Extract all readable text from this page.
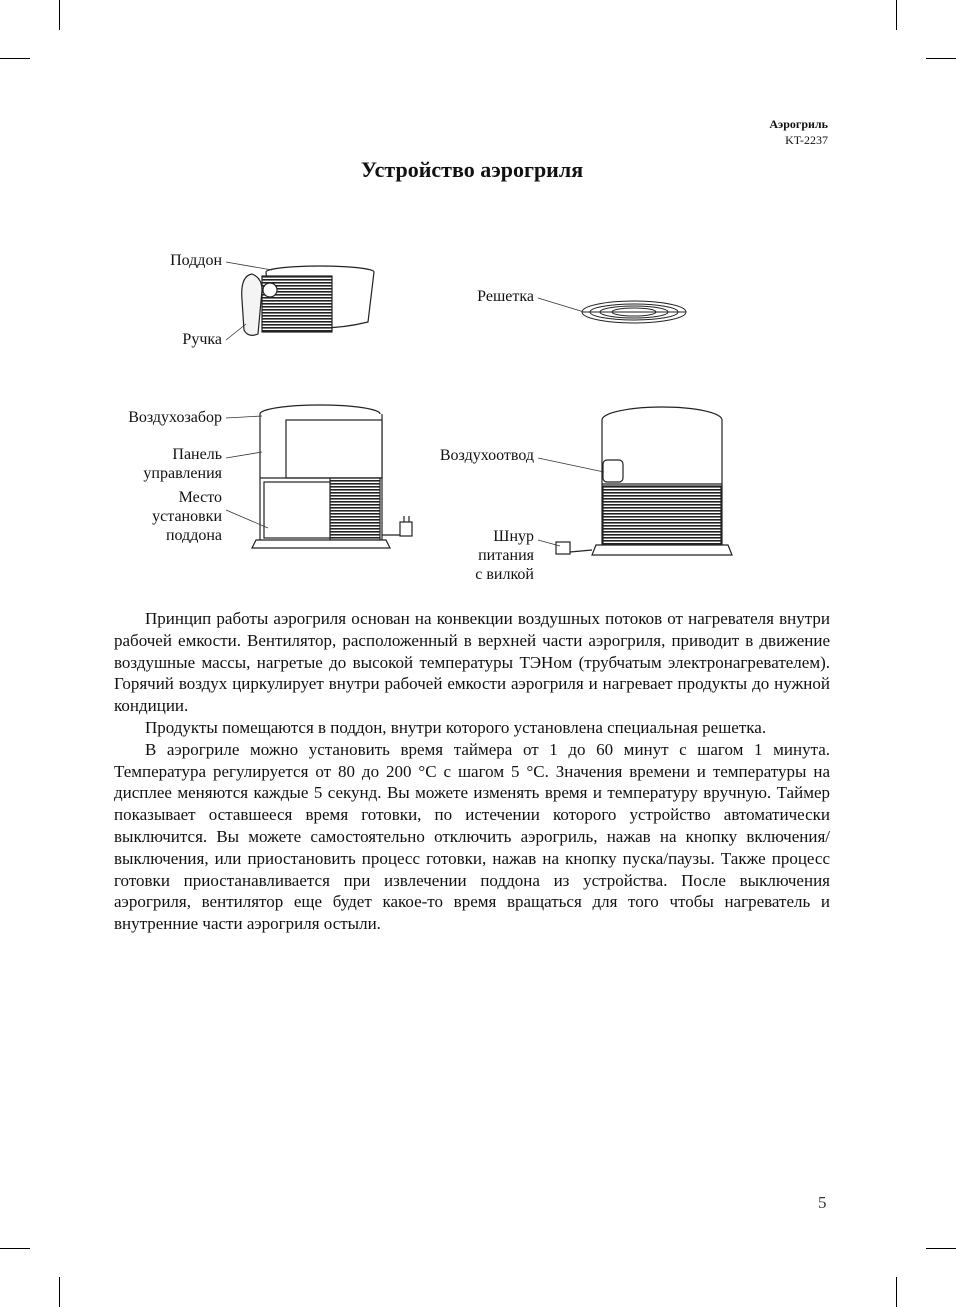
Аэрогриль
KT-2237
Устройство аэрогриля
Поддон
Ручка
Решетка
Воздухозабор
Панель
управления
Место
установки
поддона
Воздухоотвод
Шнур
питания
с вилкой

Принцип работы аэрогриля основан на конвекции воздушных потоков от нагревателя внутри рабочей емкости. Вентилятор, расположенный в верхней части аэрогриля, приводит в движение воздушные массы, нагретые до высокой температуры ТЭНом (трубчатым электронагревателем). Горячий воздух циркулирует внутри рабочей емкости аэрогриля и нагревает продукты до нужной кондиции.

Продукты помещаются в поддон, внутри которого установлена специальная решетка.

В аэрогриле можно установить время таймера от 1 до 60 минут с шагом 1 минута. Температура регулируется от 80 до 200 °С с шагом 5 °С. Значения времени и температуры на дисплее меняются каждые 5 секунд. Вы можете изменять время и температуру вручную. Таймер показывает оставшееся время готовки, по истечении которого устройство автоматически выключится. Вы можете самостоятельно отключить аэрогриль, нажав на кнопку включения/выключения, или приостановить процесс готовки, нажав на кнопку пуска/паузы. Также процесс готовки приостанавливается при извлечении поддона из устройства. После выключения аэрогриля, вентилятор еще будет какое-то время вращаться для того чтобы нагреватель и внутренние части аэрогриля остыли.

5
